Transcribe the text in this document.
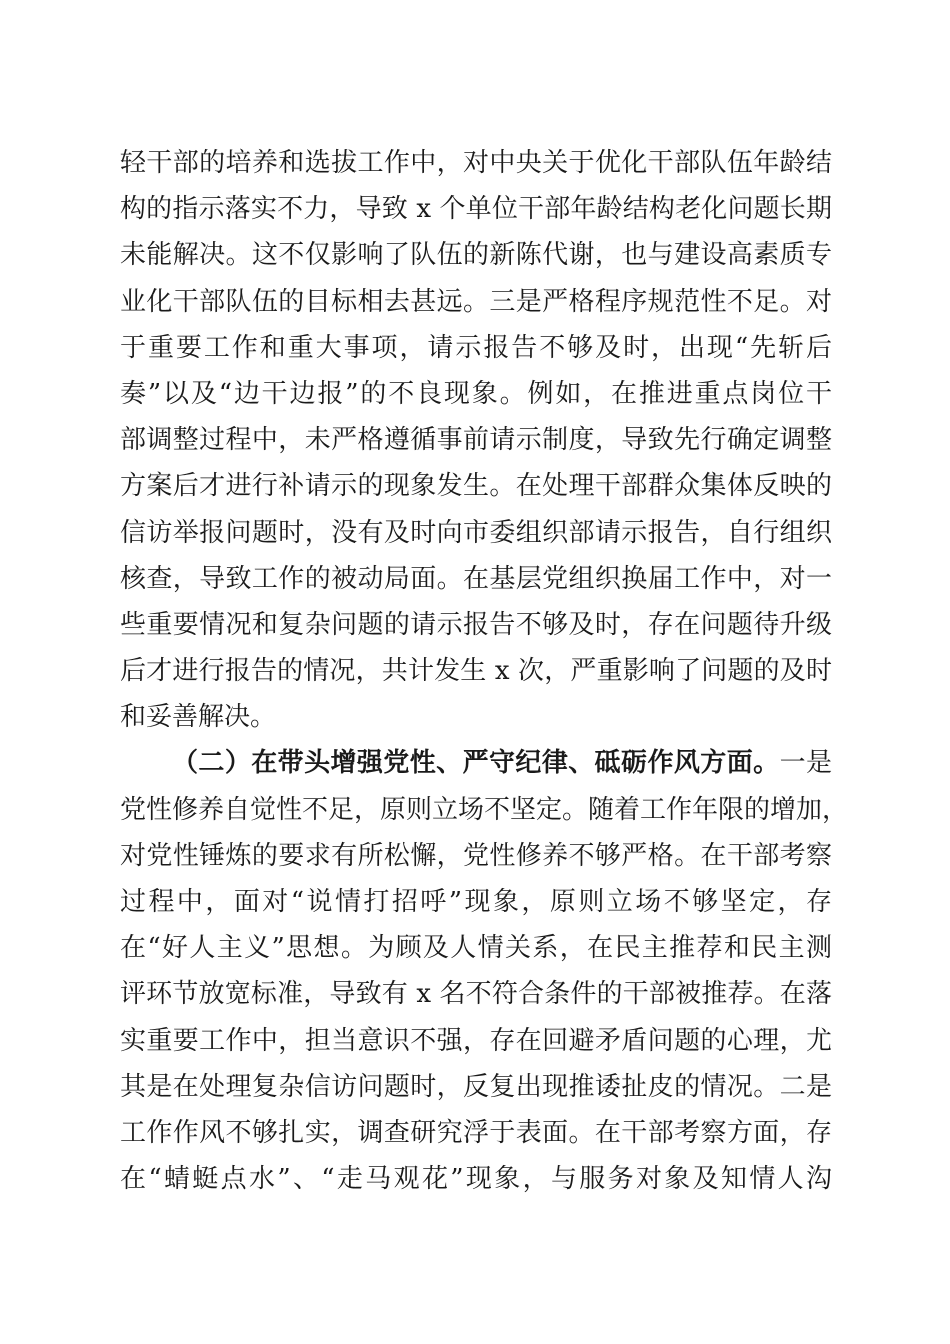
轻干部的培养和选拔工作中，对中央关于优化干部队伍年龄结
构的指示落实不力，导致 x 个单位干部年龄结构老化问题长期
未能解决。这不仅影响了队伍的新陈代谢，也与建设高素质专
业化干部队伍的目标相去甚远。三是严格程序规范性不足。对
于重要工作和重大事项，请示报告不够及时，出现“先斩后
奏”以及“边干边报”的不良现象。例如，在推进重点岗位干
部调整过程中，未严格遵循事前请示制度，导致先行确定调整
方案后才进行补请示的现象发生。在处理干部群众集体反映的
信访举报问题时，没有及时向市委组织部请示报告，自行组织
核查，导致工作的被动局面。在基层党组织换届工作中，对一
些重要情况和复杂问题的请示报告不够及时，存在问题待升级
后才进行报告的情况，共计发生 x 次，严重影响了问题的及时
和妥善解决。
（二）在带头增强党性、严守纪律、砥砺作风方面。一是
党性修养自觉性不足，原则立场不坚定。随着工作年限的增加，
对党性锤炼的要求有所松懈，党性修养不够严格。在干部考察
过程中，面对“说情打招呼”现象，原则立场不够坚定，存
在“好人主义”思想。为顾及人情关系，在民主推荐和民主测
评环节放宽标准，导致有 x 名不符合条件的干部被推荐。在落
实重要工作中，担当意识不强，存在回避矛盾问题的心理，尤
其是在处理复杂信访问题时，反复出现推诿扯皮的情况。二是
工作作风不够扎实，调查研究浮于表面。在干部考察方面，存
在“蜻蜓点水”、“走马观花”现象，与服务对象及知情人沟
